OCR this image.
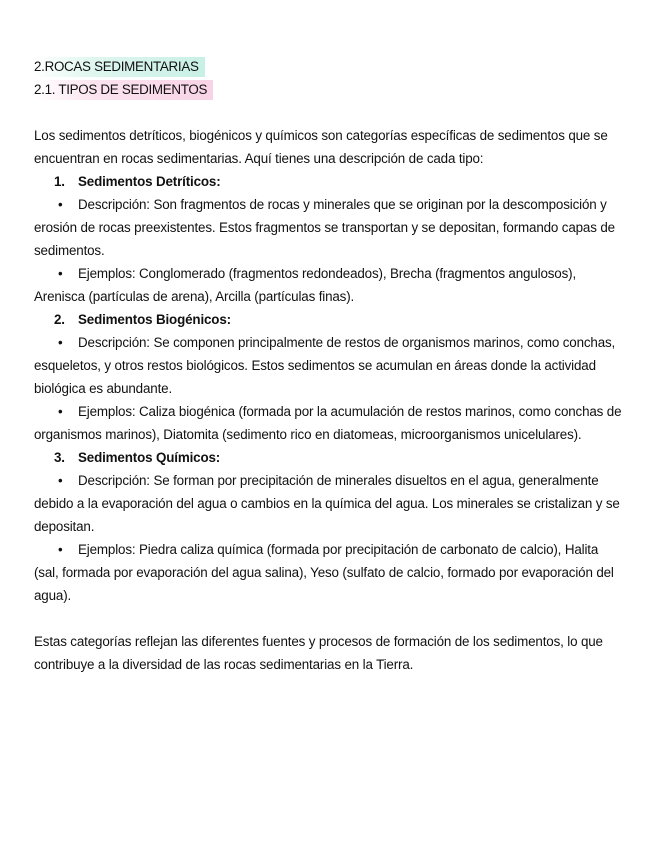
2.ROCAS SEDIMENTARIAS
2.1. TIPOS DE SEDIMENTOS

Los sedimentos detríticos, biogénicos y químicos son categorías específicas de sedimentos que se encuentran en rocas sedimentarias. Aquí tienes una descripción de cada tipo:

1. Sedimentos Detríticos:

• Descripción: Son fragmentos de rocas y minerales que se originan por la descomposición y erosión de rocas preexistentes. Estos fragmentos se transportan y se depositan, formando capas de sedimentos.

• Ejemplos: Conglomerado (fragmentos redondeados), Brecha (fragmentos angulosos), Arenisca (partículas de arena), Arcilla (partículas finas).

2. Sedimentos Biogénicos:

• Descripción: Se componen principalmente de restos de organismos marinos, como conchas, esqueletos, y otros restos biológicos. Estos sedimentos se acumulan en áreas donde la actividad biológica es abundante.

• Ejemplos: Caliza biogénica (formada por la acumulación de restos marinos, como conchas de organismos marinos), Diatomita (sedimento rico en diatomeas, microorganismos unicelulares).

3. Sedimentos Químicos:

• Descripción: Se forman por precipitación de minerales disueltos en el agua, generalmente debido a la evaporación del agua o cambios en la química del agua. Los minerales se cristalizan y se depositan.

• Ejemplos: Piedra caliza química (formada por precipitación de carbonato de calcio), Halita (sal, formada por evaporación del agua salina), Yeso (sulfato de calcio, formado por evaporación del agua).

Estas categorías reflejan las diferentes fuentes y procesos de formación de los sedimentos, lo que contribuye a la diversidad de las rocas sedimentarias en la Tierra.
